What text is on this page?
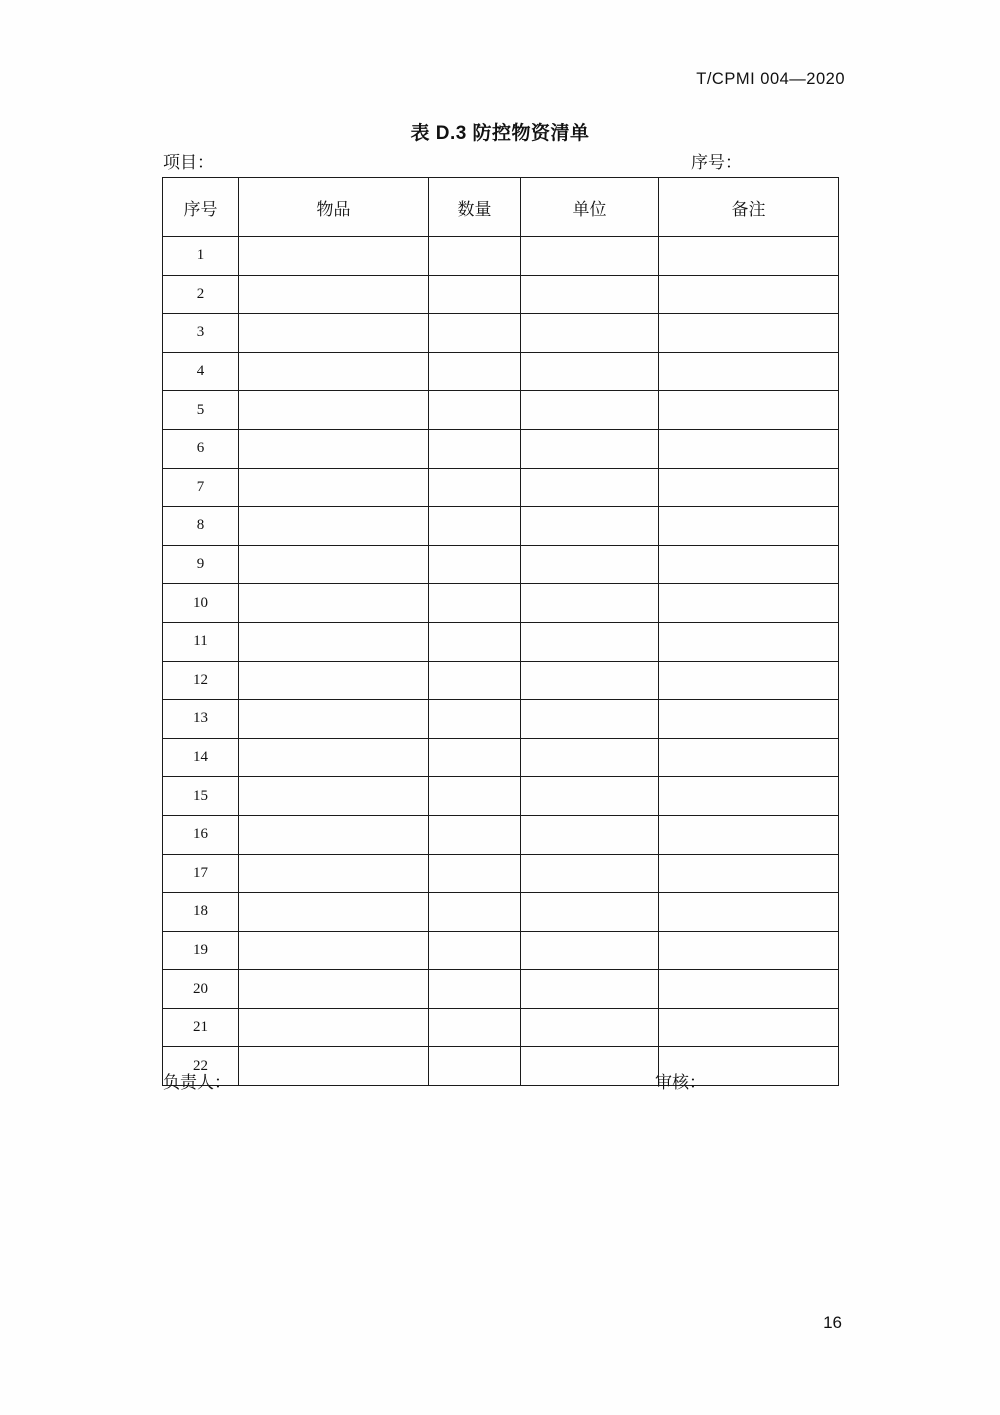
T/CPMI 004—2020
表 D.3 防控物资清单
项目：	序号：
序号	物品	数量	单位	备注
1				
2				
3				
4				
5				
6				
7				
8				
9				
10				
11				
12				
13				
14				
15				
16				
17				
18				
19				
20				
21				
22				
负责人：	审核：
16
